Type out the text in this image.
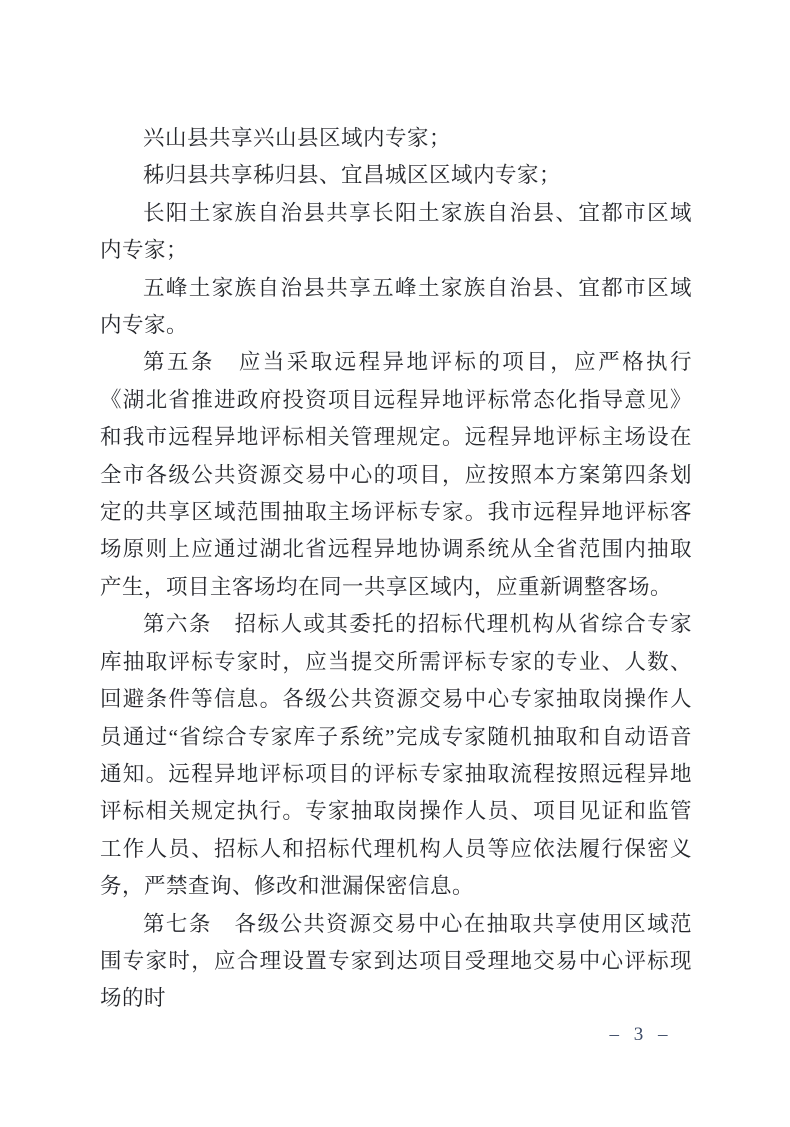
兴山县共享兴山县区域内专家；

秭归县共享秭归县、宜昌城区区域内专家；

长阳土家族自治县共享长阳土家族自治县、宜都市区域内专家；

五峰土家族自治县共享五峰土家族自治县、宜都市区域内专家。

第五条　应当采取远程异地评标的项目，应严格执行《湖北省推进政府投资项目远程异地评标常态化指导意见》和我市远程异地评标相关管理规定。远程异地评标主场设在全市各级公共资源交易中心的项目，应按照本方案第四条划定的共享区域范围抽取主场评标专家。我市远程异地评标客场原则上应通过湖北省远程异地协调系统从全省范围内抽取产生，项目主客场均在同一共享区域内，应重新调整客场。

第六条　招标人或其委托的招标代理机构从省综合专家库抽取评标专家时，应当提交所需评标专家的专业、人数、回避条件等信息。各级公共资源交易中心专家抽取岗操作人员通过“省综合专家库子系统”完成专家随机抽取和自动语音通知。远程异地评标项目的评标专家抽取流程按照远程异地评标相关规定执行。专家抽取岗操作人员、项目见证和监管工作人员、招标人和招标代理机构人员等应依法履行保密义务，严禁查询、修改和泄漏保密信息。

第七条　各级公共资源交易中心在抽取共享使用区域范围专家时，应合理设置专家到达项目受理地交易中心评标现场的时

– 3 –
